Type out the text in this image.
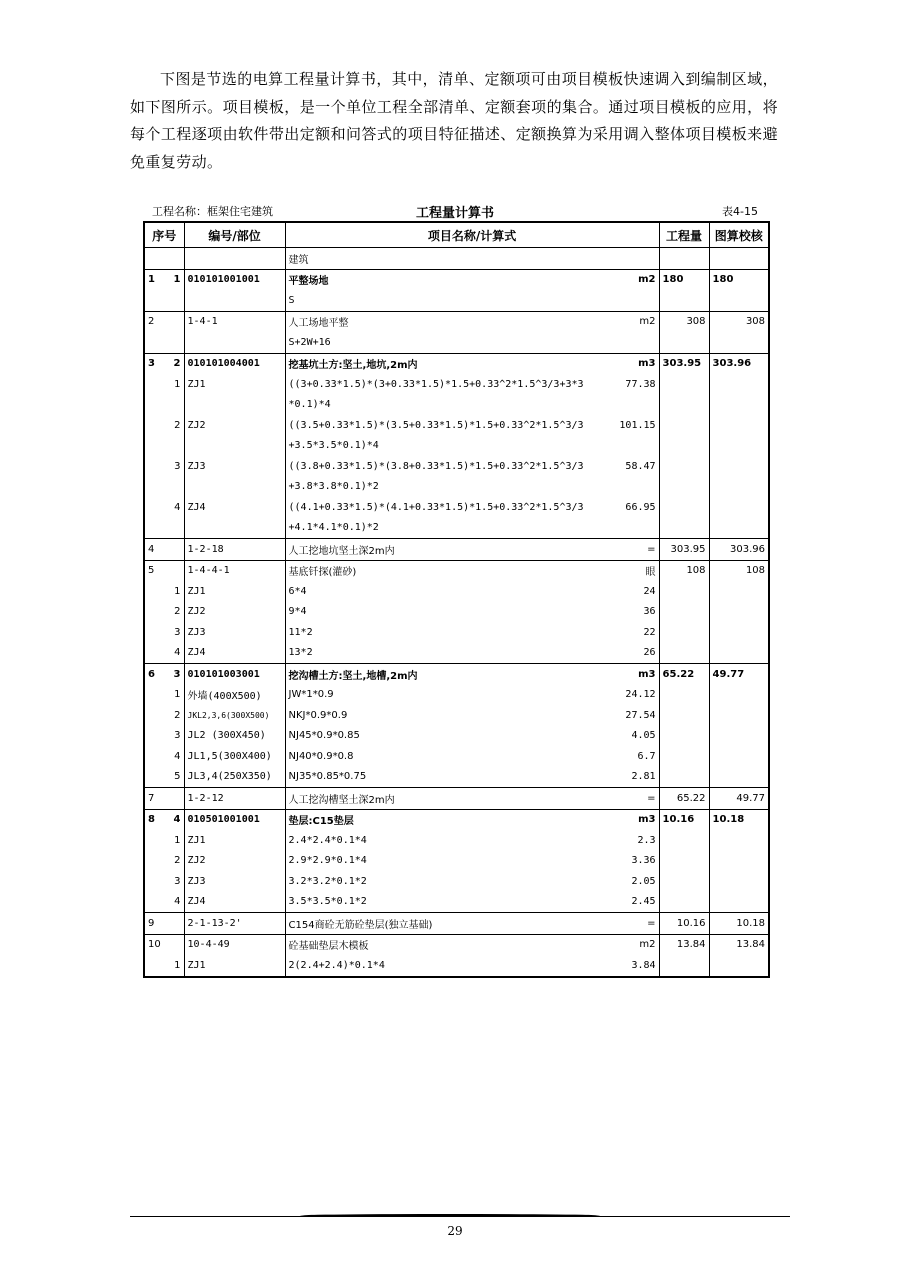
下图是节选的电算工程量计算书，其中，清单、定额项可由项目模板快速调入到编制区域，如下图所示。项目模板，是一个单位工程全部清单、定额套项的集合。通过项目模板的应用，将每个工程逐项由软件带出定额和问答式的项目特征描述、定额换算为采用调入整体项目模板来避免重复劳动。
工程名称：框架住宅建筑	工程量计算书	表4-15
序号		编号/部位	项目名称/计算式		工程量	图算校核
			建筑			
1	1	010101001001	平整场地	m2	180	180
			S			
2		1-4-1	人工场地平整	m2	308	308
			S+2W+16			
3	2	010101004001	挖基坑土方:坚土,地坑,2m内	m3	303.95	303.96
	1	ZJ1	((3+0.33*1.5)*(3+0.33*1.5)*1.5+0.33^2*1.5^3/3+3*3	77.38		
			*0.1)*4			
	2	ZJ2	((3.5+0.33*1.5)*(3.5+0.33*1.5)*1.5+0.33^2*1.5^3/3	101.15		
			+3.5*3.5*0.1)*4			
	3	ZJ3	((3.8+0.33*1.5)*(3.8+0.33*1.5)*1.5+0.33^2*1.5^3/3	58.47		
			+3.8*3.8*0.1)*2			
	4	ZJ4	((4.1+0.33*1.5)*(4.1+0.33*1.5)*1.5+0.33^2*1.5^3/3	66.95		
			+4.1*4.1*0.1)*2			
4		1-2-18	人工挖地坑坚土深2m内	=	303.95	303.96
5		1-4-4-1	基底钎探(灌砂)	眼	108	108
	1	ZJ1	6*4	24		
	2	ZJ2	9*4	36		
	3	ZJ3	11*2	22		
	4	ZJ4	13*2	26		
6	3	010101003001	挖沟槽土方:坚土,地槽,2m内	m3	65.22	49.77
	1	外墙(400X500)	JW*1*0.9	24.12		
	2	JKL2,3,6(300X500)	NKJ*0.9*0.9	27.54		
	3	JL2 (300X450)	NJ45*0.9*0.85	4.05		
	4	JL1,5(300X400)	NJ40*0.9*0.8	6.7		
	5	JL3,4(250X350)	NJ35*0.85*0.75	2.81		
7		1-2-12	人工挖沟槽坚土深2m内	=	65.22	49.77
8	4	010501001001	垫层:C15垫层	m3	10.16	10.18
	1	ZJ1	2.4*2.4*0.1*4	2.3		
	2	ZJ2	2.9*2.9*0.1*4	3.36		
	3	ZJ3	3.2*3.2*0.1*2	2.05		
	4	ZJ4	3.5*3.5*0.1*2	2.45		
9		2-1-13-2'	C154商砼无筋砼垫层(独立基础)	=	10.16	10.18
10		10-4-49	砼基础垫层木模板	m2	13.84	13.84
	1	ZJ1	2(2.4+2.4)*0.1*4	3.84		
29
